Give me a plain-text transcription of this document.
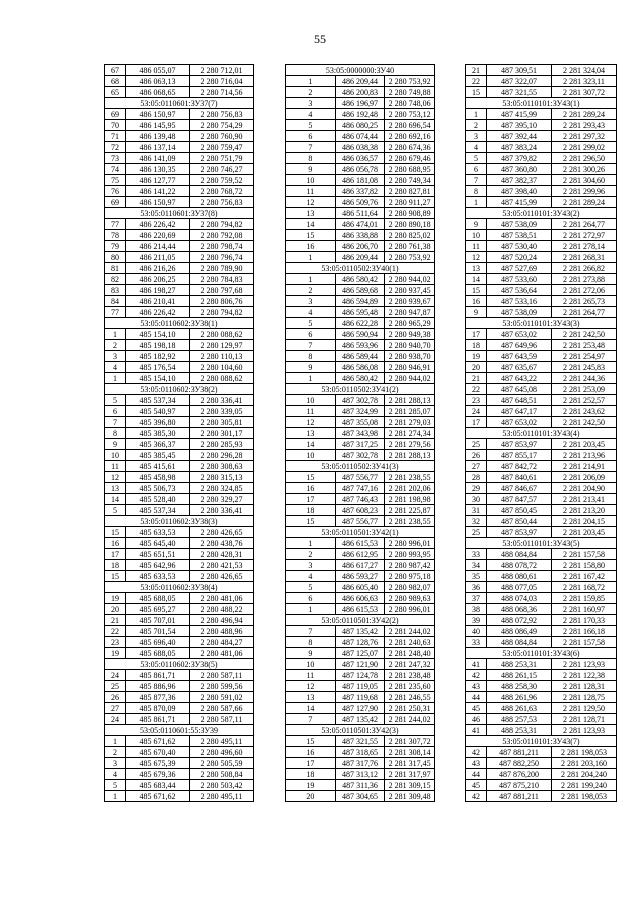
55
67	486 055,07	2 280 712,01
68	486 063,13	2 280 716,04
65	486 068,65	2 280 714,56
53:05:0110601:ЗУ37(7)		
69	486 150,97	2 280 756,83
70	486 145,95	2 280 754,29
71	486 139,48	2 280 760,90
72	486 137,14	2 280 759,47
73	486 141,09	2 280 751,79
74	486 130,35	2 280 746,27
75	486 127,77	2 280 759,52
76	486 141,22	2 280 768,72
69	486 150,97	2 280 756,83
53:05:0110601:ЗУ37(8)		
77	486 226,42	2 280 794,82
78	486 220,69	2 280 792,08
79	486 214,44	2 280 798,74
80	486 211,05	2 280 796,74
81	486 216,26	2 280 789,90
82	486 206,25	2 280 784,83
83	486 198,27	2 280 797,68
84	486 210,41	2 280 806,76
77	486 226,42	2 280 794,82
53:05:0110602:ЗУ38(1)		
1	485 154,10	2 280 088,62
2	485 198,18	2 280 129,97
3	485 182,92	2 280 110,13
4	485 176,54	2 280 104,60
1	485 154,10	2 280 088,62
53:05:0110602:ЗУ38(2)		
5	485 537,34	2 280 336,41
6	485 540,97	2 280 339,05
7	485 396,80	2 280 305,81
8	485 385,30	2 280 301,17
9	485 366,37	2 280 285,93
10	485 385,45	2 280 296,28
11	485 415,61	2 280 308,63
12	485 458,98	2 280 315,13
13	485 506,73	2 280 324,85
14	485 528,40	2 280 329,27
5	485 537,34	2 280 336,41
53:05:0110602:ЗУ38(3)		
15	485 633,53	2 280 426,65
16	485 645,40	2 280 438,76
17	485 651,51	2 280 428,31
18	485 642,96	2 280 421,53
15	485 633,53	2 280 426,65
53:05:0110602:ЗУ38(4)		
19	485 688,05	2 280 481,06
20	485 695,27	2 280 488,22
21	485 707,01	2 280 496,94
22	485 701,54	2 280 488,96
23	485 696,40	2 280 484,27
19	485 688,05	2 280 481,06
53:05:0110602:ЗУ38(5)		
24	485 861,71	2 280 587,11
25	485 886,96	2 280 599,56
26	485 877,36	2 280 591,02
27	485 870,09	2 280 587,66
24	485 861,71	2 280 587,11
53:05:0110601:55:ЗУ39		
1	485 671,62	2 280 495,11
2	485 670,40	2 280 496,60
3	485 675,39	2 280 505,59
4	485 679,36	2 280 508,84
5	485 683,44	2 280 503,42
1	485 671,62	2 280 495,11
53:05:0000000:ЗУ40		
1	486 209,44	2 280 753,92
2	486 200,83	2 280 749,88
3	486 196,97	2 280 748,06
4	486 192,48	2 280 753,12
5	486 080,25	2 280 696,54
6	486 074,44	2 280 692,16
7	486 038,38	2 280 674,36
8	486 036,57	2 280 679,46
9	486 056,78	2 280 688,95
10	486 181,08	2 280 749,34
11	486 337,82	2 280 827,81
12	486 509,76	2 280 911,27
13	486 511,64	2 280 908,89
14	486 474,01	2 280 890,18
15	486 338,88	2 280 825,02
16	486 206,70	2 280 761,38
1	486 209,44	2 280 753,92
53:05:0110502:ЗУ40(1)		
1	486 580,42	2 280 944,02
2	486 589,68	2 280 937,45
3	486 594,89	2 280 939,67
4	486 595,48	2 280 947,87
5	486 622,28	2 280 965,29
6	486 590,94	2 280 949,38
7	486 593,96	2 280 940,70
8	486 589,44	2 280 938,70
9	486 586,08	2 280 946,91
1	486 580,42	2 280 944,02
53:05:0110502:ЗУ41(2)		
10	487 302,78	2 281 288,13
11	487 324,99	2 281 285,07
12	487 355,08	2 281 279,03
13	487 343,98	2 281 274,34
14	487 317,25	2 281 279,56
10	487 302,78	2 281 288,13
53:05:0110502:ЗУ41(3)		
15	487 556,77	2 281 238,55
16	487 747,16	2 281 202,06
17	487 746,43	2 281 198,98
18	487 608,23	2 281 225,87
15	487 556,77	2 281 238,55
53:05:0110501:ЗУ42(1)		
1	486 615,53	2 280 996,01
2	486 612,95	2 280 993,95
3	486 617,27	2 280 987,42
4	486 593,27	2 280 975,18
5	486 605,40	2 280 982,07
6	486 606,63	2 280 989,63
1	486 615,53	2 280 996,01
53:05:0110501:ЗУ42(2)		
7	487 135,42	2 281 244,02
8	487 128,76	2 281 240,63
9	487 125,07	2 281 248,40
10	487 121,90	2 281 247,32
11	487 124,78	2 281 238,48
12	487 119,05	2 281 235,60
13	487 119,68	2 281 246,55
14	487 127,90	2 281 250,31
7	487 135,42	2 281 244,02
53:05:0110501:ЗУ42(3)		
15	487 321,55	2 281 307,72
16	487 318,65	2 281 308,14
17	487 317,76	2 281 317,45
18	487 313,12	2 281 317,97
19	487 311,36	2 281 309,15
20	487 304,65	2 281 309,48
21	487 309,51	2 281 324,04
22	487 322,07	2 281 323,11
15	487 321,55	2 281 307,72
53:05:0110101:ЗУ43(1)		
1	487 415,99	2 281 289,24
2	487 395,10	2 281 293,43
3	487 392,44	2 281 297,32
4	487 383,24	2 281 299,02
5	487 379,82	2 281 296,50
6	487 360,80	2 281 300,26
7	487 382,37	2 281 304,60
8	487 398,40	2 281 299,96
1	487 415,99	2 281 289,24
53:05:0110101:ЗУ43(2)		
9	487 538,09	2 281 264,77
10	487 538,51	2 281 272,97
11	487 530,40	2 281 278,14
12	487 520,24	2 281 268,31
13	487 527,69	2 281 266,82
14	487 533,60	2 281 273,88
15	487 536,64	2 281 272,06
16	487 533,16	2 281 265,73
9	487 538,09	2 281 264,77
53:05:0110101:ЗУ43(3)		
17	487 653,02	2 281 242,50
18	487 649,96	2 281 253,48
19	487 643,59	2 281 254,97
20	487 635,67	2 281 245,83
21	487 643,22	2 281 244,36
22	487 645,08	2 281 253,09
23	487 648,51	2 281 252,57
24	487 647,17	2 281 243,62
17	487 653,02	2 281 242,50
53:05:0110101:ЗУ43(4)		
25	487 853,97	2 281 203,45
26	487 855,17	2 281 213,96
27	487 842,72	2 281 214,91
28	487 840,61	2 281 206,09
29	487 846,67	2 281 204,90
30	487 847,57	2 281 213,41
31	487 850,45	2 281 213,20
32	487 850,44	2 281 204,15
25	487 853,97	2 281 203,45
53:05:0110101:ЗУ43(5)		
33	488 084,84	2 281 157,58
34	488 078,72	2 281 158,80
35	488 080,61	2 281 167,42
36	488 077,05	2 281 168,72
37	488 074,03	2 281 159,85
38	488 068,36	2 281 160,97
39	488 072,92	2 281 170,33
40	488 086,49	2 281 166,18
33	488 084,84	2 281 157,58
53:05:0110101:ЗУ43(6)		
41	488 253,31	2 281 123,93
42	488 261,15	2 281 122,38
43	488 258,30	2 281 128,31
44	488 261,96	2 281 128,75
45	488 261,63	2 281 129,50
46	488 257,53	2 281 128,71
41	488 253,31	2 281 123,93
53:05:0110101:ЗУ43(7)		
42	487 881,211	2 281 198,053
43	487 882,250	2 281 203,160
44	487 876,200	2 281 204,240
45	487 875,210	2 281 199,240
42	487 881,211	2 281 198,053
